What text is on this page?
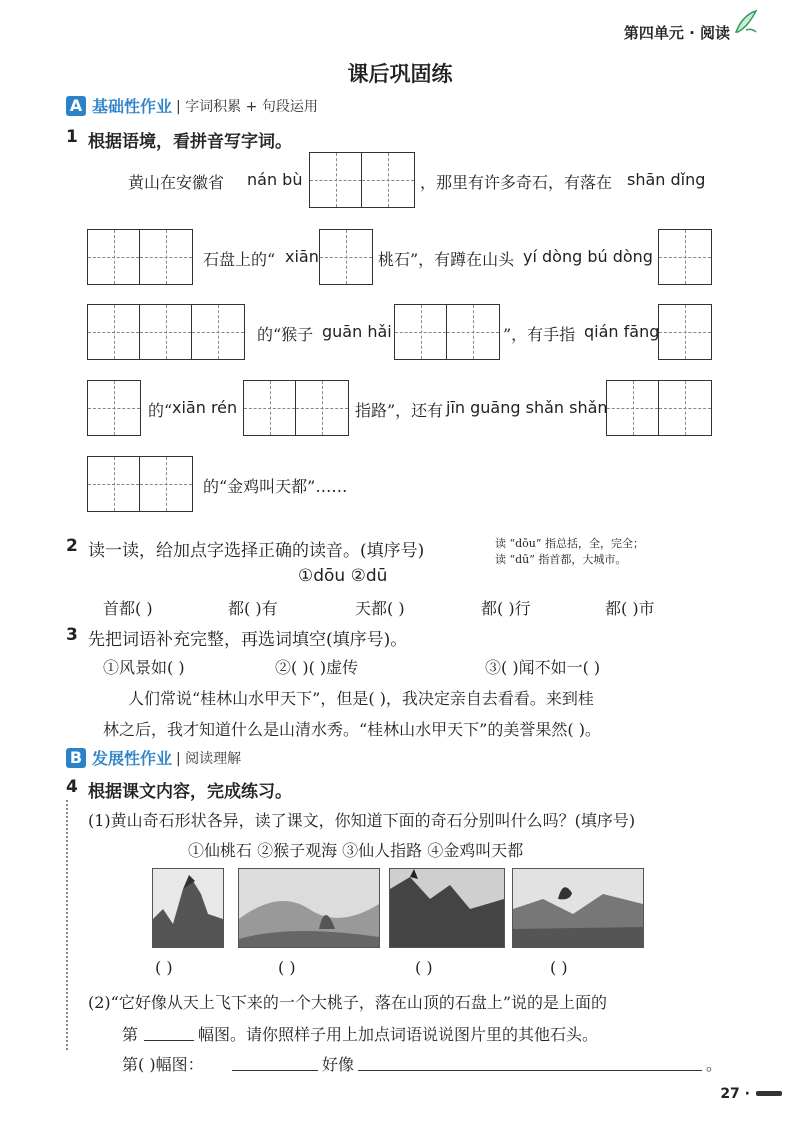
第四单元 · 阅读
课后巩固练
A 基础性作业 | 字词积累 + 句段运用
1 根据语境，看拼音写字词。
黄山在安徽省 nán bù	，那里有许多奇石，有落在 shān dǐng
石盘上的“ xiān	桃石”，有蹲在山头 yí dòng bú dòng
的“猴子 guān hǎi	”，有手指 qián fāng
的“ xiān rén	指路”，还有 jīn guāng shǎn shǎn
的“金鸡叫天都”……
2 读一读，给加点字选择正确的读音。(填序号)	读 “dōu” 指总括，全，完全；
读 “dū” 指首都，大城市。
①dōu ②dū
首都( )	都( )有	天都( )	都( )行	都( )市
3 先把词语补充完整，再选词填空(填序号)。
①风景如( )	②( )( )虚传	③( )闻不如一( )
人们常说“桂林山水甲天下”，但是( )，我决定亲自去看看。来到桂
林之后，我才知道什么是山清水秀。“桂林山水甲天下”的美誉果然( )。
B 发展性作业 | 阅读理解
4 根据课文内容，完成练习。
(1)黄山奇石形状各异，读了课文，你知道下面的奇石分别叫什么吗？(填序号)
①仙桃石 ②猴子观海 ③仙人指路 ④金鸡叫天都
( )	( )	( )	( )
(2)“它好像从天上飞下来的一个大桃子，落在山顶的石盘上”说的是上面的
第	幅图。请你照样子用上加点词语说说图片里的其他石头。
第( )幅图：	好像	。
27 ·
